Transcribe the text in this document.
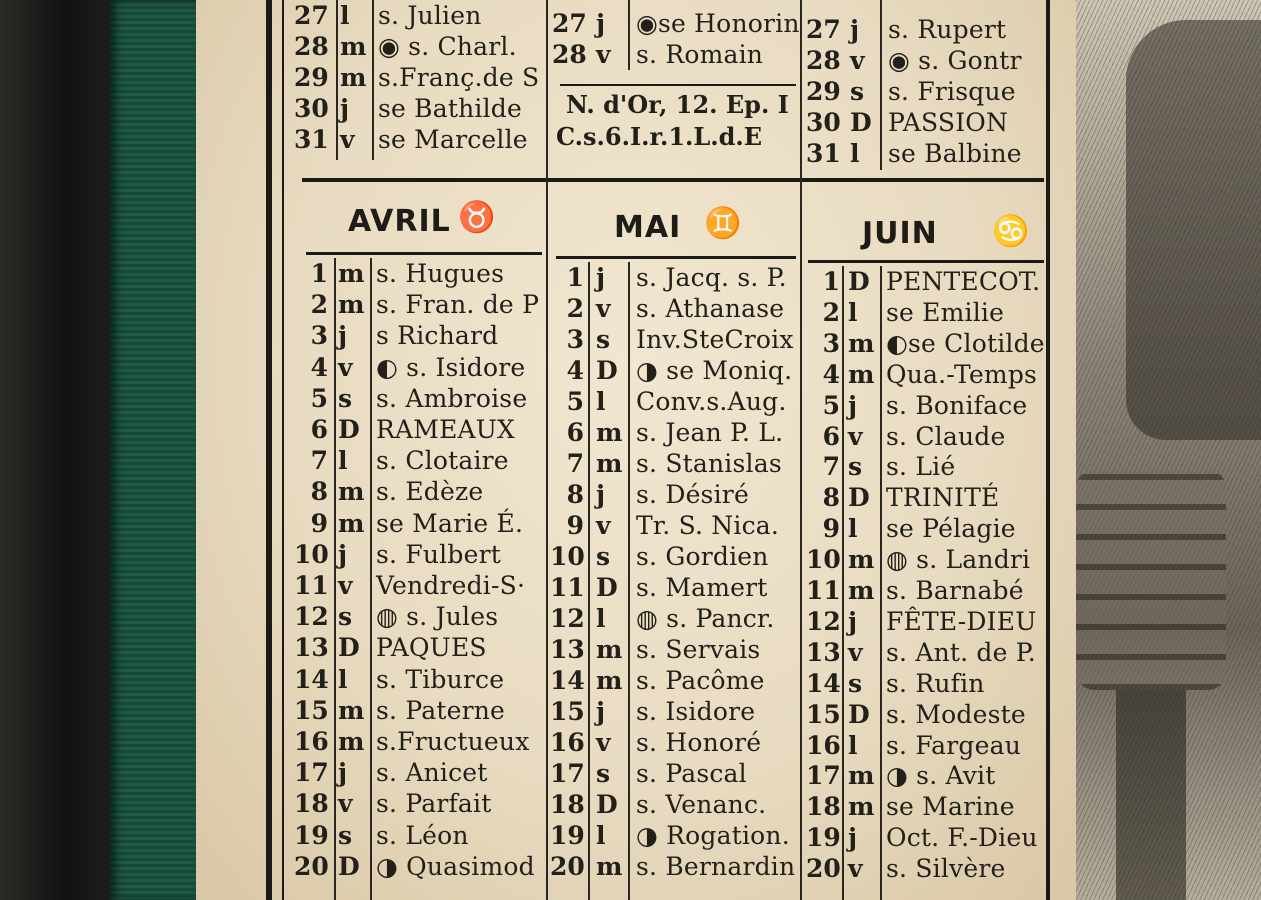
AVRIL ♉	MAI ♊	JUIN ♋
27 l	s. Julien
28 m ◉ s. Charl.
29 m s.Franç.de S
30 j	se Bathilde
31 v se Marcelle
27 j	◉se Honorin
28 v s. Romain
N. d'Or, 12. Ep. I
C.s.6.I.r.1.L.d.E
27 j	s. Rupert
28 v ◉ s. Gontr
29 s s. Frisque
30 D PASSION
31 l	se Balbine
1 m s. Hugues
2 m s. Fran. de P
3 j	s Richard
4 v ◐ s. Isidore
5 s s. Ambroise
6 D RAMEAUX
7 l	s. Clotaire
8 m s. Edèze
9 m se Marie É.
10 j	s. Fulbert
11 v Vendredi-S·
12 s ◍ s. Jules
13 D PAQUES
14 l	s. Tiburce
15 m s. Paterne
16 m s.Fructueux
17 j	s. Anicet
18 v s. Parfait
19 s s. Léon
20 D ◑ Quasimod
1 j	s. Jacq. s. P.
2 v s. Athanase
3 s	Inv.SteCroix
4 D ◑ se Moniq.
5 l	Conv.s.Aug.
6 m s. Jean P. L.
7 m s. Stanislas
8 j	s. Désiré
9 v Tr. S. Nica.
10 s	s. Gordien
11 D s. Mamert
12 l	◍ s. Pancr.
13 m s. Servais
14 m s. Pacôme
15 j	s. Isidore
16 v s. Honoré
17 s	s. Pascal
18 D s. Venanc.
19 l	◑ Rogation.
20 m s. Bernardin
1 D PENTECOT.
2 l	se Emilie
3 m ◐se Clotilde
4 m Qua.-Temps
5 j	s. Boniface
6 v s. Claude
7 s s. Lié
8 D TRINITÉ
9 l	se Pélagie
10 m ◍ s. Landri
11 m s. Barnabé
12 j	FÊTE-DIEU
13 v s. Ant. de P.
14 s s. Rufin
15 D s. Modeste
16 l	s. Fargeau
17 m ◑ s. Avit
18 m se Marine
19 j	Oct. F.-Dieu
20 v s. Silvère
